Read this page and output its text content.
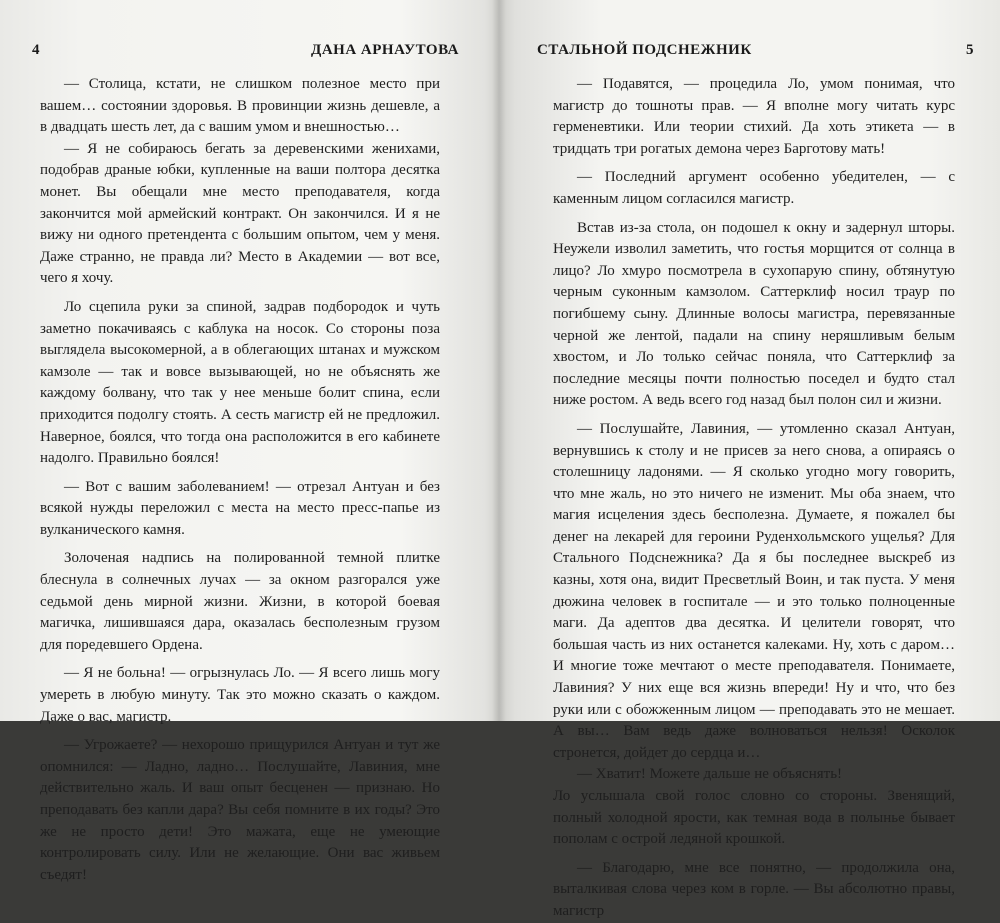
4	ДАНА АРНАУТОВА

— Столица, кстати, не слишком полезное место при вашем… состоянии здоровья. В провинции жизнь дешевле, а в двадцать шесть лет, да с вашим умом и внешностью…

— Я не собираюсь бегать за деревенскими женихами, подобрав драные юбки, купленные на ваши полтора десятка монет. Вы обещали мне место преподавателя, когда закончится мой армейский контракт. Он закончился. И я не вижу ни одного претендента с большим опытом, чем у меня. Даже странно, не правда ли? Место в Академии — вот все, чего я хочу.

Ло сцепила руки за спиной, задрав подбородок и чуть заметно покачиваясь с каблука на носок. Со стороны поза выглядела высокомерной, а в облегающих штанах и мужском камзоле — так и вовсе вызывающей, но не объяснять же каждому болвану, что так у нее меньше болит спина, если приходится подолгу стоять. А сесть магистр ей не предложил. Наверное, боялся, что тогда она расположится в его кабинете надолго. Правильно боялся!

— Вот с вашим заболеванием! — отрезал Антуан и без всякой нужды переложил с места на место пресс-папье из вулканического камня.

Золоченая надпись на полированной темной плитке блеснула в солнечных лучах — за окном разгорался уже седьмой день мирной жизни. Жизни, в которой боевая магичка, лишившаяся дара, оказалась бесполезным грузом для поредевшего Ордена.

— Я не больна! — огрызнулась Ло. — Я всего лишь могу умереть в любую минуту. Так это можно сказать о каждом. Даже о вас, магистр.

— Угрожаете? — нехорошо прищурился Антуан и тут же опомнился: — Ладно, ладно… Послушайте, Лавиния, мне действительно жаль. И ваш опыт бесценен — признаю. Но преподавать без капли дара? Вы себя помните в их годы? Это же не просто дети! Это мажата, еще не умеющие контролировать силу. Или не желающие. Они вас живьем съедят!

СТАЛЬНОЙ ПОДСНЕЖНИК	5

— Подавятся, — процедила Ло, умом понимая, что магистр до тошноты прав. — Я вполне могу читать курс герменевтики. Или теории стихий. Да хоть этикета — в тридцать три рогатых демона через Барготову мать!

— Последний аргумент особенно убедителен, — с каменным лицом согласился магистр.

Встав из-за стола, он подошел к окну и задернул шторы. Неужели изволил заметить, что гостья морщится от солнца в лицо? Ло хмуро посмотрела в сухопарую спину, обтянутую черным суконным камзолом. Саттерклиф носил траур по погибшему сыну. Длинные волосы магистра, перевязанные черной же лентой, падали на спину неряшливым белым хвостом, и Ло только сейчас поняла, что Саттерклиф за последние месяцы почти полностью поседел и будто стал ниже ростом. А ведь всего год назад был полон сил и жизни.

— Послушайте, Лавиния, — утомленно сказал Антуан, вернувшись к столу и не присев за него снова, а опираясь о столешницу ладонями. — Я сколько угодно могу говорить, что мне жаль, но это ничего не изменит. Мы оба знаем, что магия исцеления здесь бесполезна. Думаете, я пожалел бы денег на лекарей для героини Руденхольмского ущелья? Для Стального Подснежника? Да я бы последнее выскреб из казны, хотя она, видит Пресветлый Воин, и так пуста. У меня дюжина человек в госпитале — и это только полноценные маги. Да адептов два десятка. И целители говорят, что большая часть из них останется калеками. Ну, хоть с даром… И многие тоже мечтают о месте преподавателя. Понимаете, Лавиния? У них еще вся жизнь впереди! Ну и что, что без руки или с обожженным лицом — преподавать это не мешает. А вы… Вам ведь даже волноваться нельзя! Осколок стронется, дойдет до сердца и…

— Хватит! Можете дальше не объяснять!

Ло услышала свой голос словно со стороны. Звенящий, полный холодной ярости, как темная вода в полынье бывает пополам с острой ледяной крошкой.

— Благодарю, мне все понятно, — продолжила она, выталкивая слова через ком в горле. — Вы абсолютно правы, магистр
